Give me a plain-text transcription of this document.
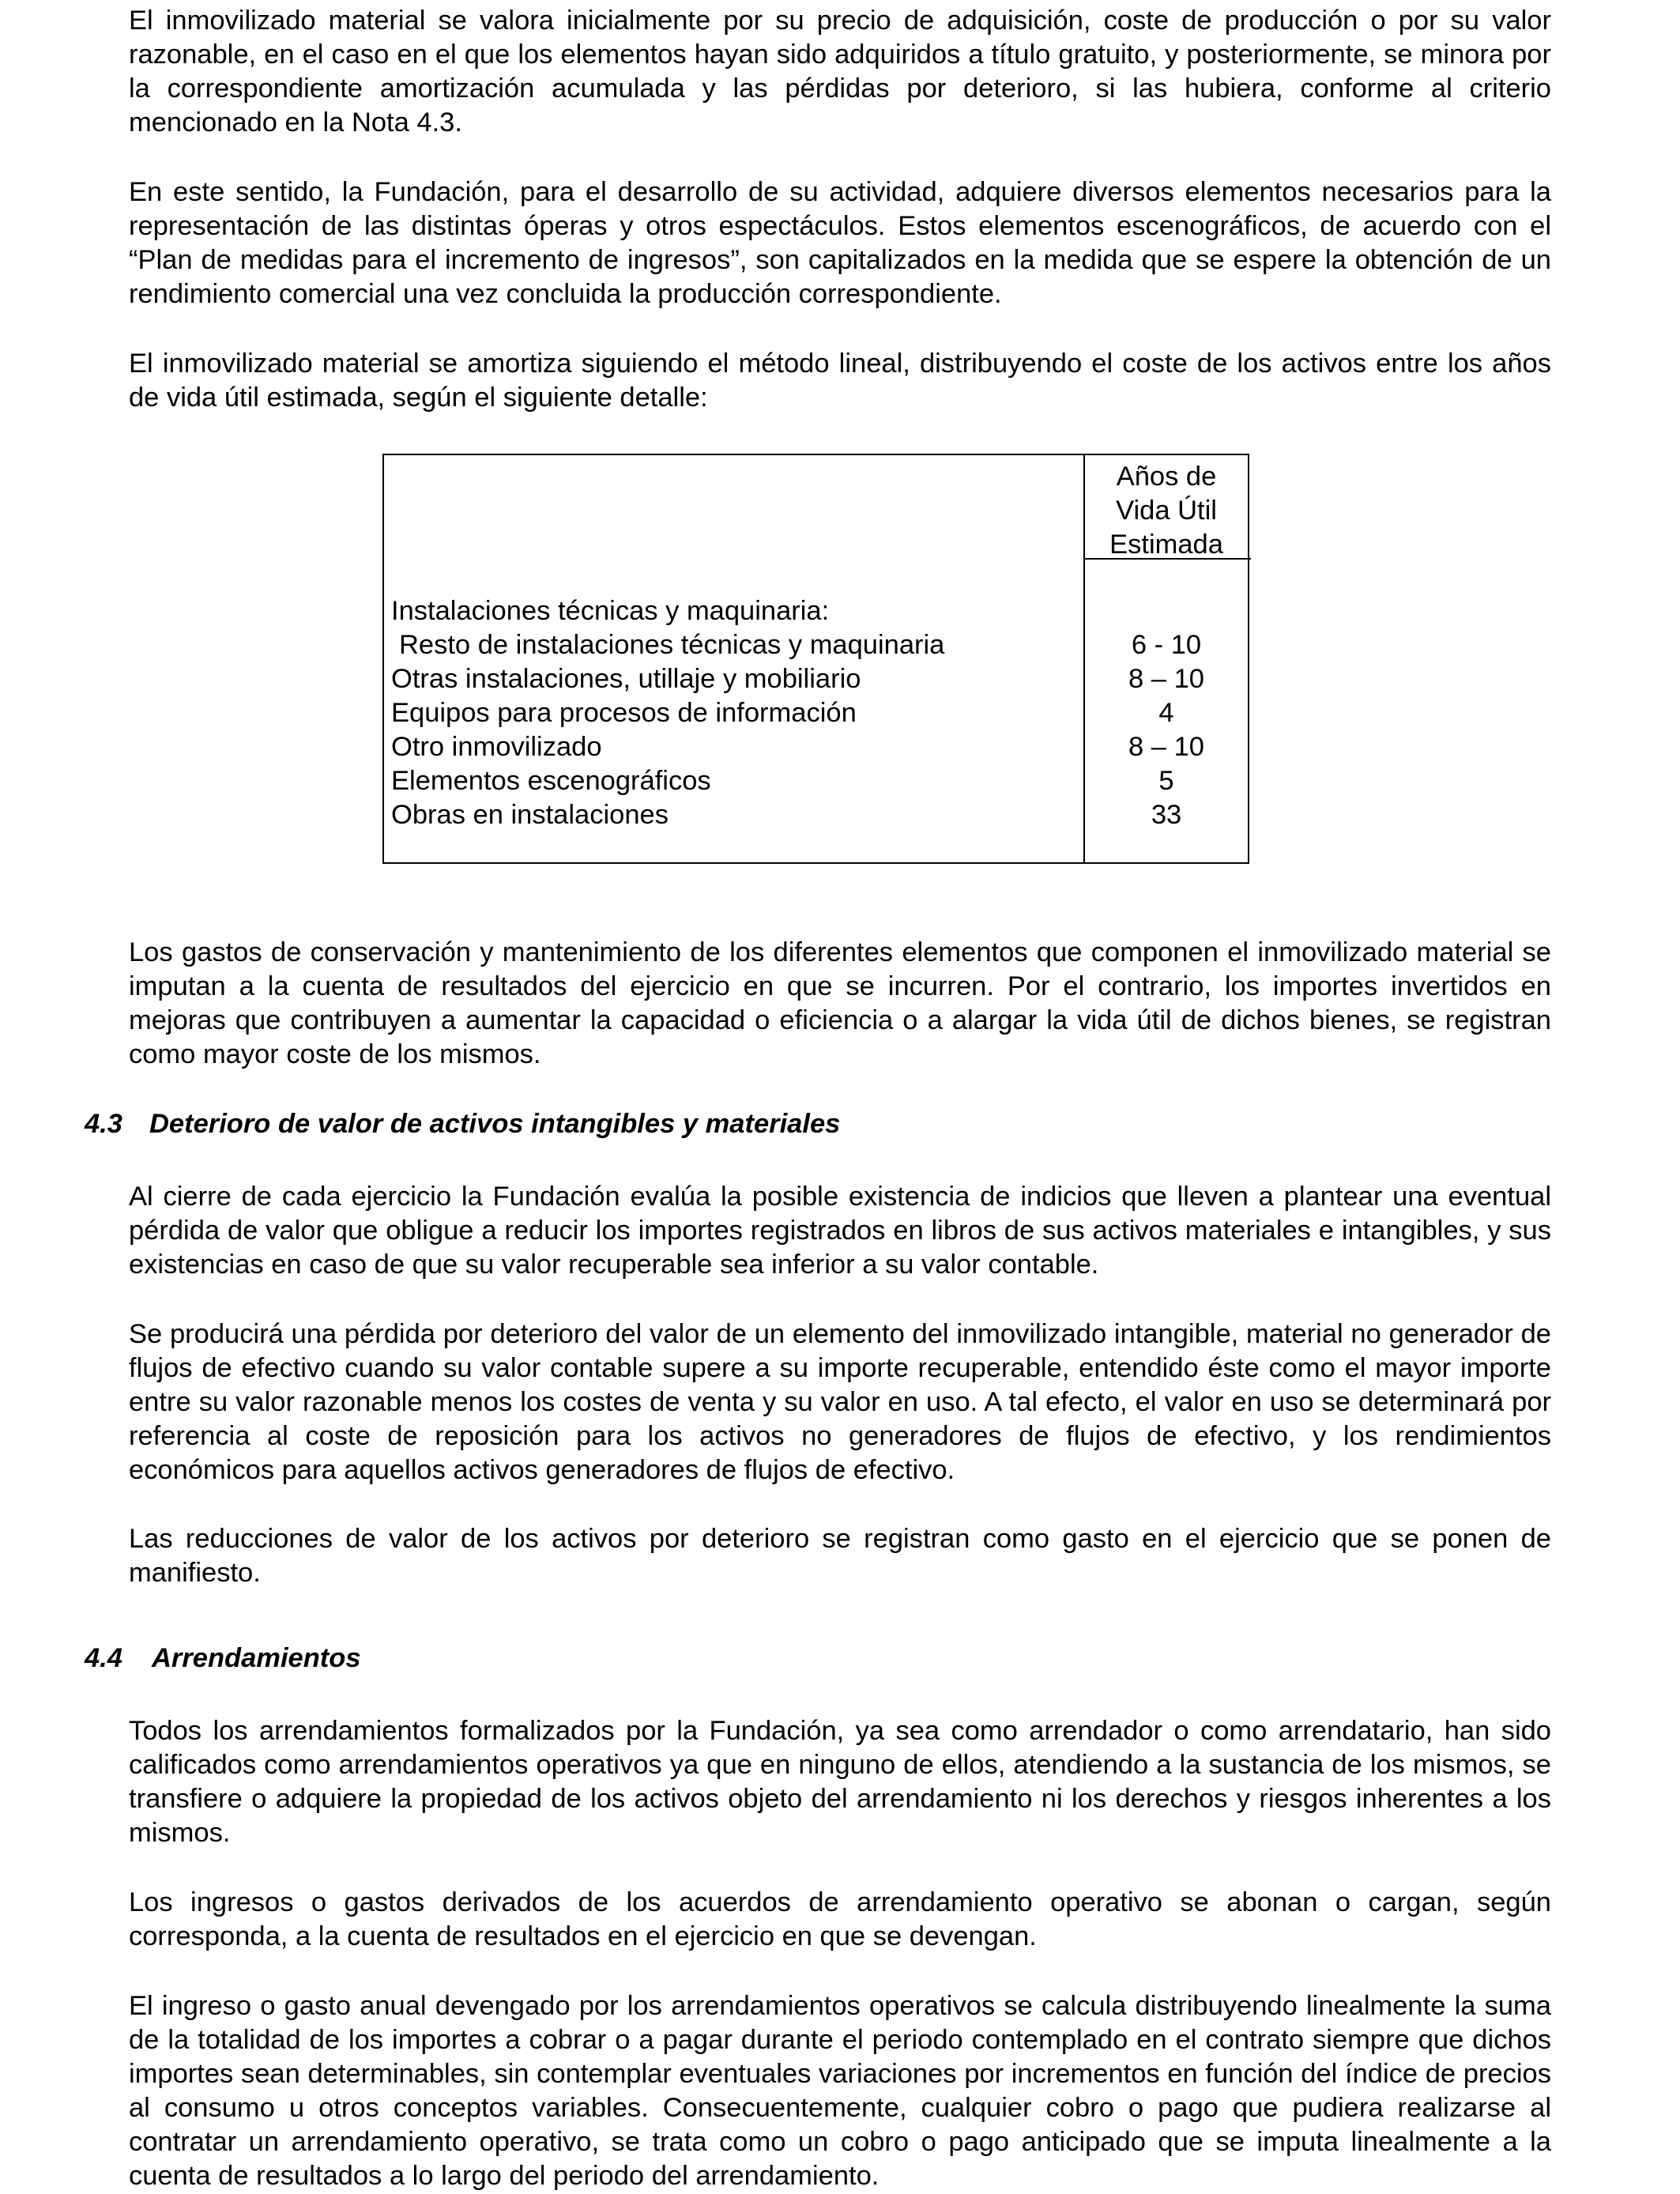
El inmovilizado material se valora inicialmente por su precio de adquisición, coste de producción o por su valor razonable, en el caso en el que los elementos hayan sido adquiridos a título gratuito, y posteriormente, se minora por la correspondiente amortización acumulada y las pérdidas por deterioro, si las hubiera, conforme al criterio mencionado en la Nota 4.3.

En este sentido, la Fundación, para el desarrollo de su actividad, adquiere diversos elementos necesarios para la representación de las distintas óperas y otros espectáculos. Estos elementos escenográficos, de acuerdo con el “Plan de medidas para el incremento de ingresos”, son capitalizados en la medida que se espere la obtención de un rendimiento comercial una vez concluida la producción correspondiente.

El inmovilizado material se amortiza siguiendo el método lineal, distribuyendo el coste de los activos entre los años de vida útil estimada, según el siguiente detalle:

Años de
Vida Útil
Estimada
Instalaciones técnicas y maquinaria:
Resto de instalaciones técnicas y maquinaria	6 - 10
Otras instalaciones, utillaje y mobiliario	8 – 10
Equipos para procesos de información	4
Otro inmovilizado	8 – 10
Elementos escenográficos	5
Obras en instalaciones	33

Los gastos de conservación y mantenimiento de los diferentes elementos que componen el inmovilizado material se imputan a la cuenta de resultados del ejercicio en que se incurren. Por el contrario, los importes invertidos en mejoras que contribuyen a aumentar la capacidad o eficiencia o a alargar la vida útil de dichos bienes, se registran como mayor coste de los mismos.

4.3 Deterioro de valor de activos intangibles y materiales

Al cierre de cada ejercicio la Fundación evalúa la posible existencia de indicios que lleven a plantear una eventual pérdida de valor que obligue a reducir los importes registrados en libros de sus activos materiales e intangibles, y sus existencias en caso de que su valor recuperable sea inferior a su valor contable.

Se producirá una pérdida por deterioro del valor de un elemento del inmovilizado intangible, material no generador de flujos de efectivo cuando su valor contable supere a su importe recuperable, entendido éste como el mayor importe entre su valor razonable menos los costes de venta y su valor en uso. A tal efecto, el valor en uso se determinará por referencia al coste de reposición para los activos no generadores de flujos de efectivo, y los rendimientos económicos para aquellos activos generadores de flujos de efectivo.

Las reducciones de valor de los activos por deterioro se registran como gasto en el ejercicio que se ponen de manifiesto.

4.4 Arrendamientos

Todos los arrendamientos formalizados por la Fundación, ya sea como arrendador o como arrendatario, han sido calificados como arrendamientos operativos ya que en ninguno de ellos, atendiendo a la sustancia de los mismos, se transfiere o adquiere la propiedad de los activos objeto del arrendamiento ni los derechos y riesgos inherentes a los mismos.

Los ingresos o gastos derivados de los acuerdos de arrendamiento operativo se abonan o cargan, según corresponda, a la cuenta de resultados en el ejercicio en que se devengan.

El ingreso o gasto anual devengado por los arrendamientos operativos se calcula distribuyendo linealmente la suma de la totalidad de los importes a cobrar o a pagar durante el periodo contemplado en el contrato siempre que dichos importes sean determinables, sin contemplar eventuales variaciones por incrementos en función del índice de precios al consumo u otros conceptos variables. Consecuentemente, cualquier cobro o pago que pudiera realizarse al contratar un arrendamiento operativo, se trata como un cobro o pago anticipado que se imputa linealmente a la cuenta de resultados a lo largo del periodo del arrendamiento.
